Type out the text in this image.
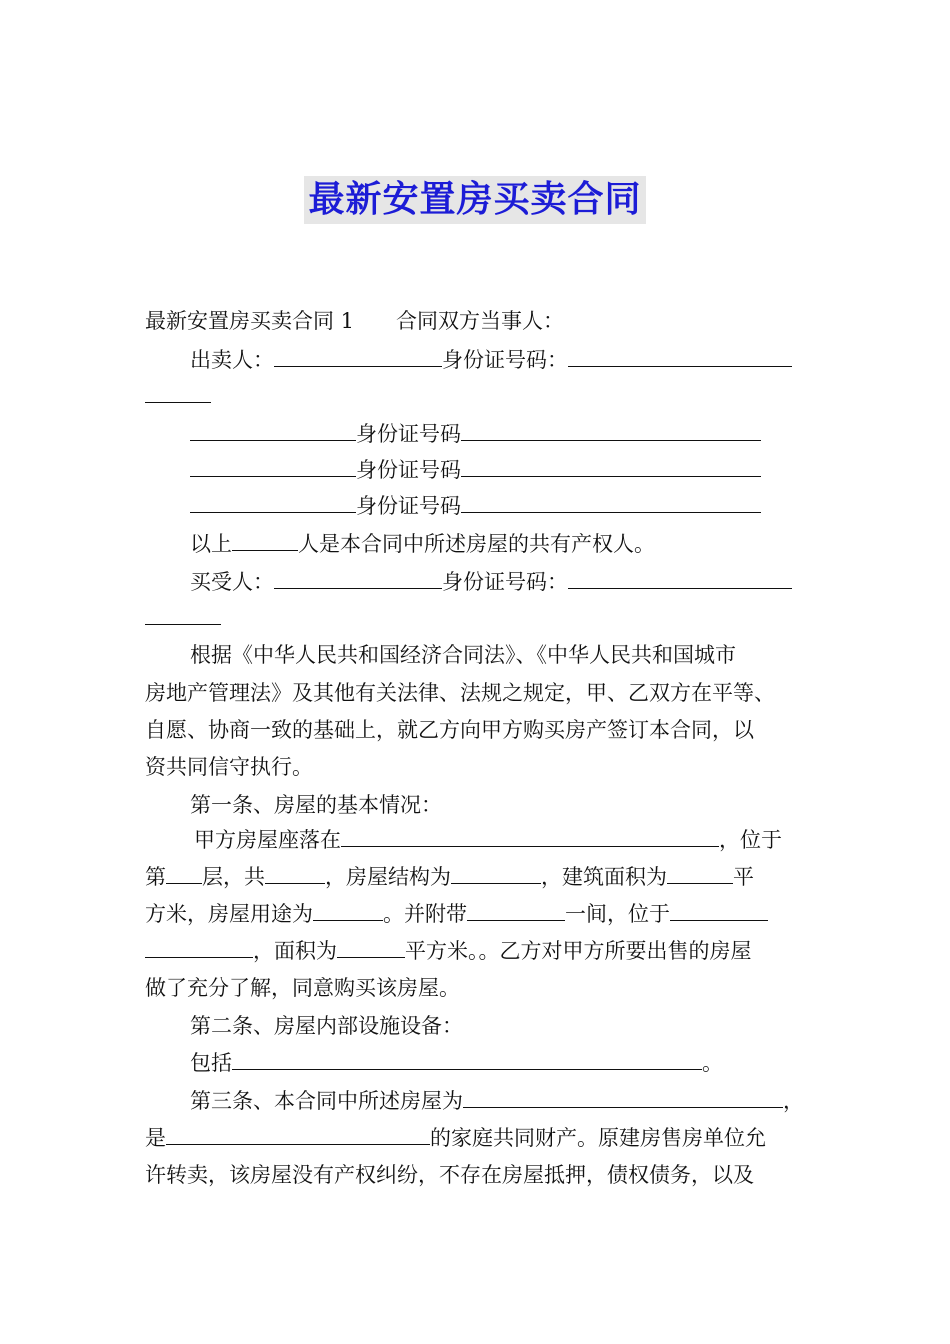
最新安置房买卖合同
最新安置房买卖合同 1 合同双方当事人：
出卖人：	身份证号码：
身份证号码
身份证号码
身份证号码
以上	人是本合同中所述房屋的共有产权人。
买受人：	身份证号码：
根据《中华人民共和国经济合同法》、《中华人民共和国城市
房地产管理法》及其他有关法律、法规之规定，甲、乙双方在平等、
自愿、协商一致的基础上，就乙方向甲方购买房产签订本合同，以
资共同信守执行。
第一条、房屋的基本情况：
甲方房屋座落在	，位于
第 层，共	，房屋结构为	，建筑面积为	平
方米，房屋用途为	。并附带	一间，位于
，面积为	平方米。。乙方对甲方所要出售的房屋
做了充分了解，同意购买该房屋。
第二条、房屋内部设施设备：
包括	。
第三条、本合同中所述房屋为	，
是	的家庭共同财产。原建房售房单位允
许转卖，该房屋没有产权纠纷，不存在房屋抵押，债权债务，以及
